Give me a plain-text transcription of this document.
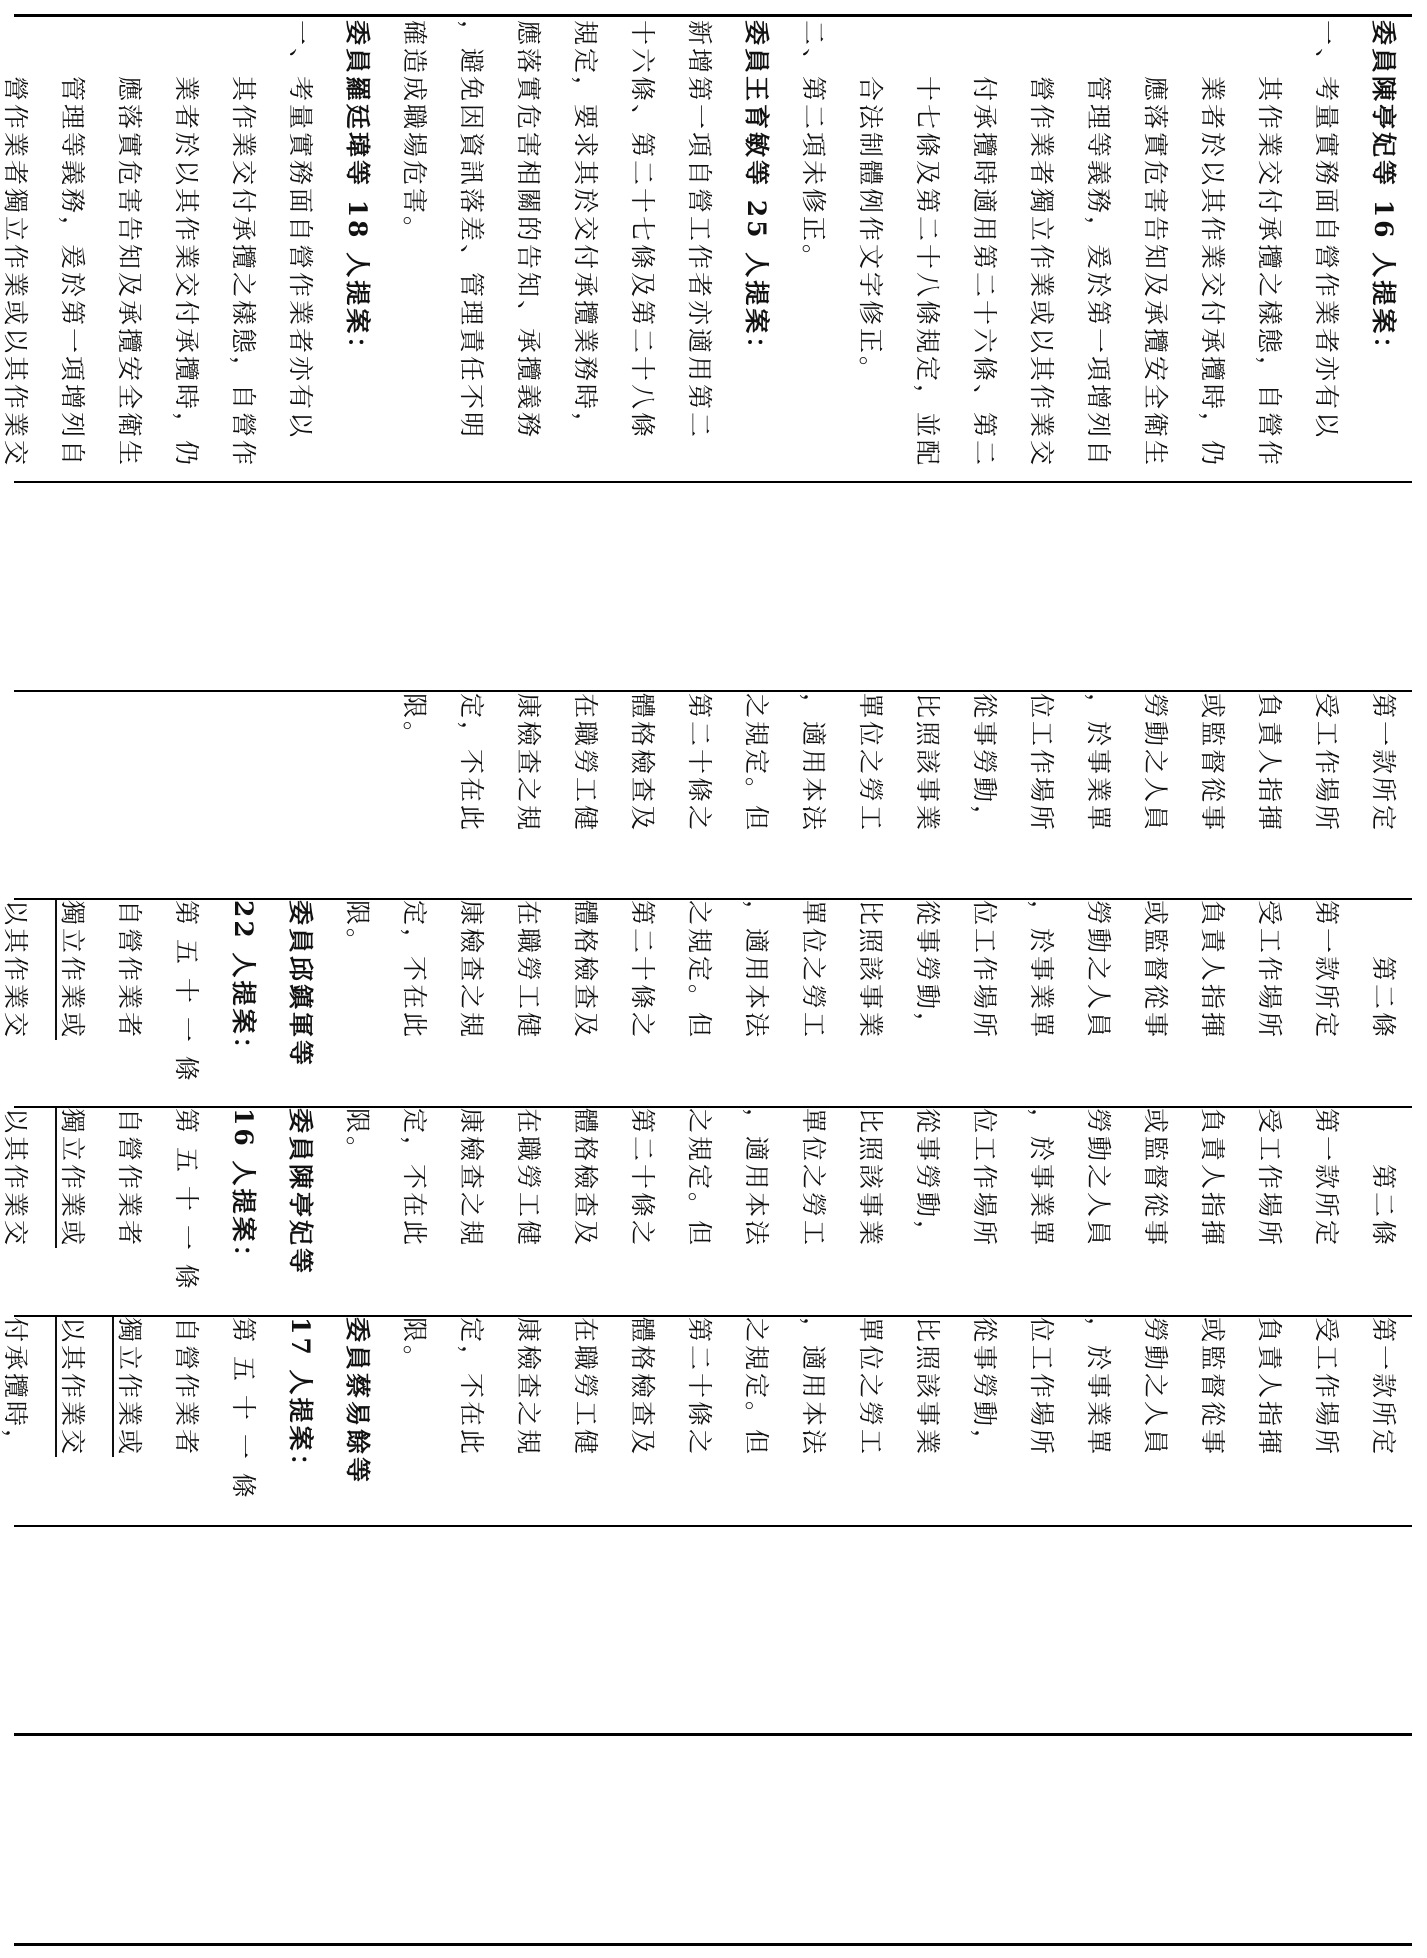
委員陳亭妃等 16 人提案：
一、考量實務面自營作業者亦有以
　　其作業交付承攬之樣態，自營作
　　業者於以其作業交付承攬時，仍
　　應落實危害告知及承攬安全衛生
　　管理等義務，爰於第一項增列自
　　營作業者獨立作業或以其作業交
　　付承攬時適用第二十六條、第二
　　十七條及第二十八條規定，並配
　　合法制體例作文字修正。
二、第二項未修正。
委員王育敏等 25 人提案：
新增第一項自營工作者亦適用第二
十六條、第二十七條及第二十八條
規定，要求其於交付承攬業務時，
應落實危害相關的告知、承攬義務
，避免因資訊落差、管理責任不明
確造成職場危害。
委員羅廷瑋等 18 人提案：
一、考量實務面自營作業者亦有以
　　其作業交付承攬之樣態，自營作
　　業者於以其作業交付承攬時，仍
　　應落實危害告知及承攬安全衛生
　　管理等義務，爰於第一項增列自
　　營作業者獨立作業或以其作業交
第一款所定
受工作場所
負責人指揮
或監督從事
勞動之人員
，於事業單
位工作場所
從事勞動，
比照該事業
單位之勞工
，適用本法
之規定。但
第二十條之
體格檢查及
在職勞工健
康檢查之規
定，不在此
限。
　　第二條
第一款所定
受工作場所
負責人指揮
或監督從事
勞動之人員
，於事業單
位工作場所
從事勞動，
比照該事業
單位之勞工
，適用本法
之規定。但
第二十條之
體格檢查及
在職勞工健
康檢查之規
定，不在此
限。
委員邱鎮軍等
22 人提案：
第 五 十 一 條
自營作業者
獨立作業或
以其作業交
　　第二條
第一款所定
受工作場所
負責人指揮
或監督從事
勞動之人員
，於事業單
位工作場所
從事勞動，
比照該事業
單位之勞工
，適用本法
之規定。但
第二十條之
體格檢查及
在職勞工健
康檢查之規
定，不在此
限。
委員陳亭妃等
16 人提案：
第 五 十 一 條
自營作業者
獨立作業或
以其作業交
第一款所定
受工作場所
負責人指揮
或監督從事
勞動之人員
，於事業單
位工作場所
從事勞動，
比照該事業
單位之勞工
，適用本法
之規定。但
第二十條之
體格檢查及
在職勞工健
康檢查之規
定，不在此
限。
委員蔡易餘等
17 人提案：
第 五 十 一 條
自營作業者
獨立作業或
以其作業交
付承攬時，
